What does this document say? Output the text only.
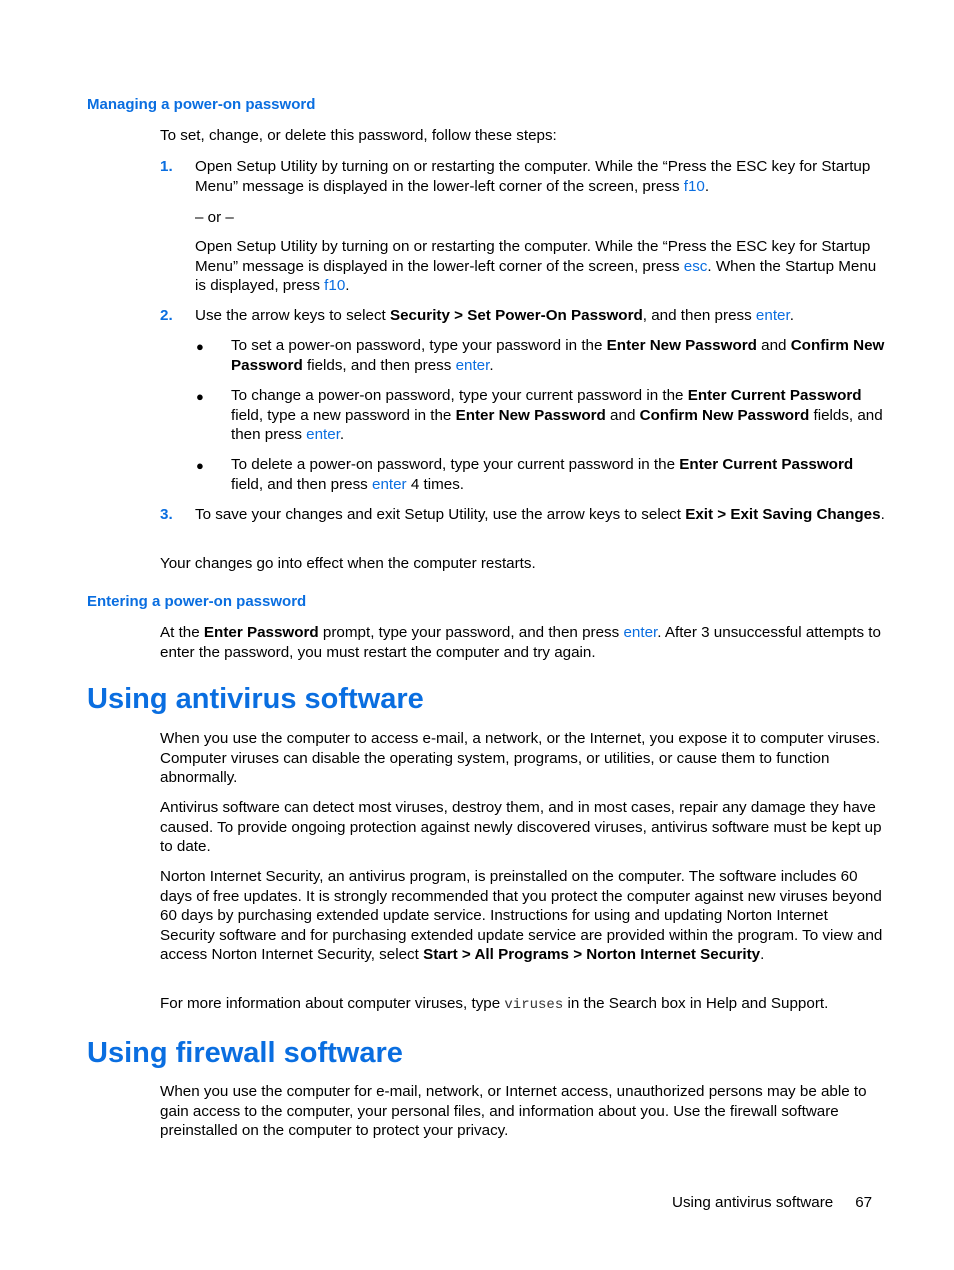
Managing a power-on password
To set, change, or delete this password, follow these steps:
1. Open Setup Utility by turning on or restarting the computer. While the “Press the ESC key for Startup Menu” message is displayed in the lower-left corner of the screen, press f10.
– or –
Open Setup Utility by turning on or restarting the computer. While the “Press the ESC key for Startup Menu” message is displayed in the lower-left corner of the screen, press esc. When the Startup Menu is displayed, press f10.
2. Use the arrow keys to select Security > Set Power-On Password, and then press enter.
● To set a power-on password, type your password in the Enter New Password and Confirm New Password fields, and then press enter.
● To change a power-on password, type your current password in the Enter Current Password field, type a new password in the Enter New Password and Confirm New Password fields, and then press enter.
● To delete a power-on password, type your current password in the Enter Current Password field, and then press enter 4 times.
3. To save your changes and exit Setup Utility, use the arrow keys to select Exit > Exit Saving Changes.
Your changes go into effect when the computer restarts.
Entering a power-on password
At the Enter Password prompt, type your password, and then press enter. After 3 unsuccessful attempts to enter the password, you must restart the computer and try again.
Using antivirus software
When you use the computer to access e-mail, a network, or the Internet, you expose it to computer viruses. Computer viruses can disable the operating system, programs, or utilities, or cause them to function abnormally.
Antivirus software can detect most viruses, destroy them, and in most cases, repair any damage they have caused. To provide ongoing protection against newly discovered viruses, antivirus software must be kept up to date.
Norton Internet Security, an antivirus program, is preinstalled on the computer. The software includes 60 days of free updates. It is strongly recommended that you protect the computer against new viruses beyond 60 days by purchasing extended update service. Instructions for using and updating Norton Internet Security software and for purchasing extended update service are provided within the program. To view and access Norton Internet Security, select Start > All Programs > Norton Internet Security.
For more information about computer viruses, type viruses in the Search box in Help and Support.
Using firewall software
When you use the computer for e-mail, network, or Internet access, unauthorized persons may be able to gain access to the computer, your personal files, and information about you. Use the firewall software preinstalled on the computer to protect your privacy.
Using antivirus software 67
